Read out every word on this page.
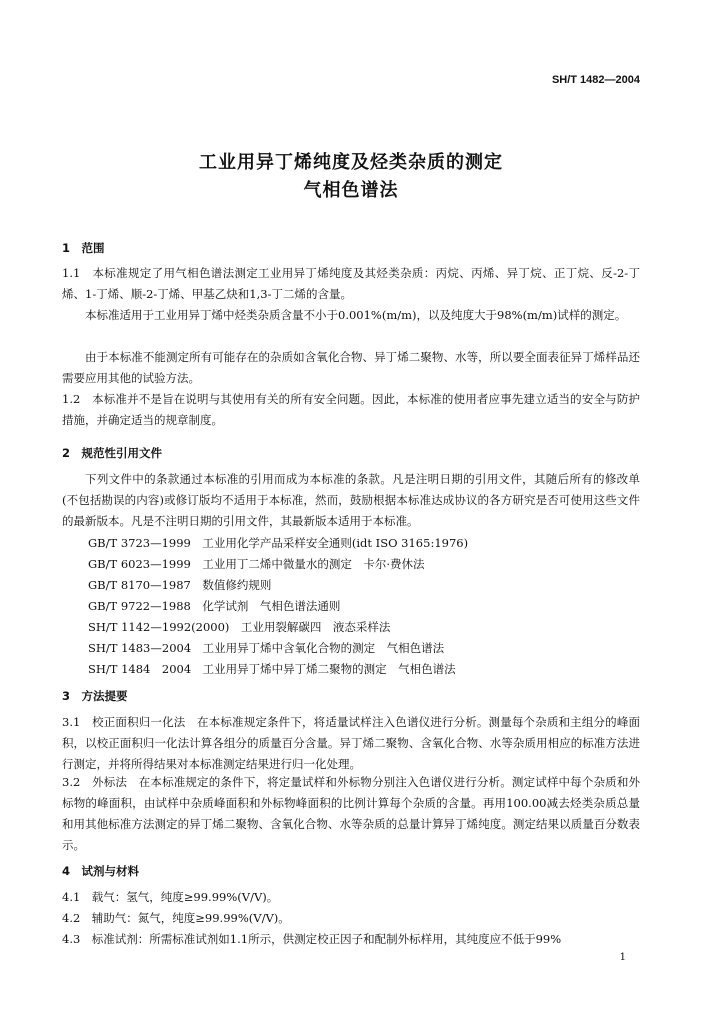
SH/T 1482—2004
工业用异丁烯纯度及烃类杂质的测定
气相色谱法
1　范围

1.1　本标准规定了用气相色谱法测定工业用异丁烯纯度及其烃类杂质：丙烷、丙烯、异丁烷、正丁烷、反-2-丁烯、1-丁烯、顺-2-丁烯、甲基乙炔和1,3-丁二烯的含量。

本标准适用于工业用异丁烯中烃类杂质含量不小于0.001%(m/m)，以及纯度大于98%(m/m)试样的测定。

由于本标准不能测定所有可能存在的杂质如含氧化合物、异丁烯二聚物、水等，所以要全面表征异丁烯样品还需要应用其他的试验方法。

1.2　本标准并不是旨在说明与其使用有关的所有安全问题。因此，本标准的使用者应事先建立适当的安全与防护措施，并确定适当的规章制度。

2　规范性引用文件

下列文件中的条款通过本标准的引用而成为本标准的条款。凡是注明日期的引用文件，其随后所有的修改单(不包括勘误的内容)或修订版均不适用于本标准，然而，鼓励根据本标准达成协议的各方研究是否可使用这些文件的最新版本。凡是不注明日期的引用文件，其最新版本适用于本标准。

GB/T 3723—1999　工业用化学产品采样安全通则(idt ISO 3165:1976)
GB/T 6023—1999　工业用丁二烯中微量水的测定　卡尔·费休法
GB/T 8170—1987　数值修约规则
GB/T 9722—1988　化学试剂　气相色谱法通则
SH/T 1142—1992(2000)　工业用裂解碳四　液态采样法
SH/T 1483—2004　工业用异丁烯中含氧化合物的测定　气相色谱法
SH/T 1484　2004　工业用异丁烯中异丁烯二聚物的测定　气相色谱法
3　方法提要

3.1　校正面积归一化法　在本标准规定条件下，将适量试样注入色谱仪进行分析。测量每个杂质和主组分的峰面积，以校正面积归一化法计算各组分的质量百分含量。异丁烯二聚物、含氧化合物、水等杂质用相应的标准方法进行测定，并将所得结果对本标准测定结果进行归一化处理。

3.2　外标法　在本标准规定的条件下，将定量试样和外标物分别注入色谱仪进行分析。测定试样中每个杂质和外标物的峰面积，由试样中杂质峰面积和外标物峰面积的比例计算每个杂质的含量。再用100.00减去烃类杂质总量和用其他标准方法测定的异丁烯二聚物、含氧化合物、水等杂质的总量计算异丁烯纯度。测定结果以质量百分数表示。

4　试剂与材料
4.1　载气：氢气，纯度≥99.99%(V/V)。
4.2　辅助气：氮气，纯度≥99.99%(V/V)。
4.3　标准试剂：所需标准试剂如1.1所示，供测定校正因子和配制外标样用，其纯度应不低于99%
1
